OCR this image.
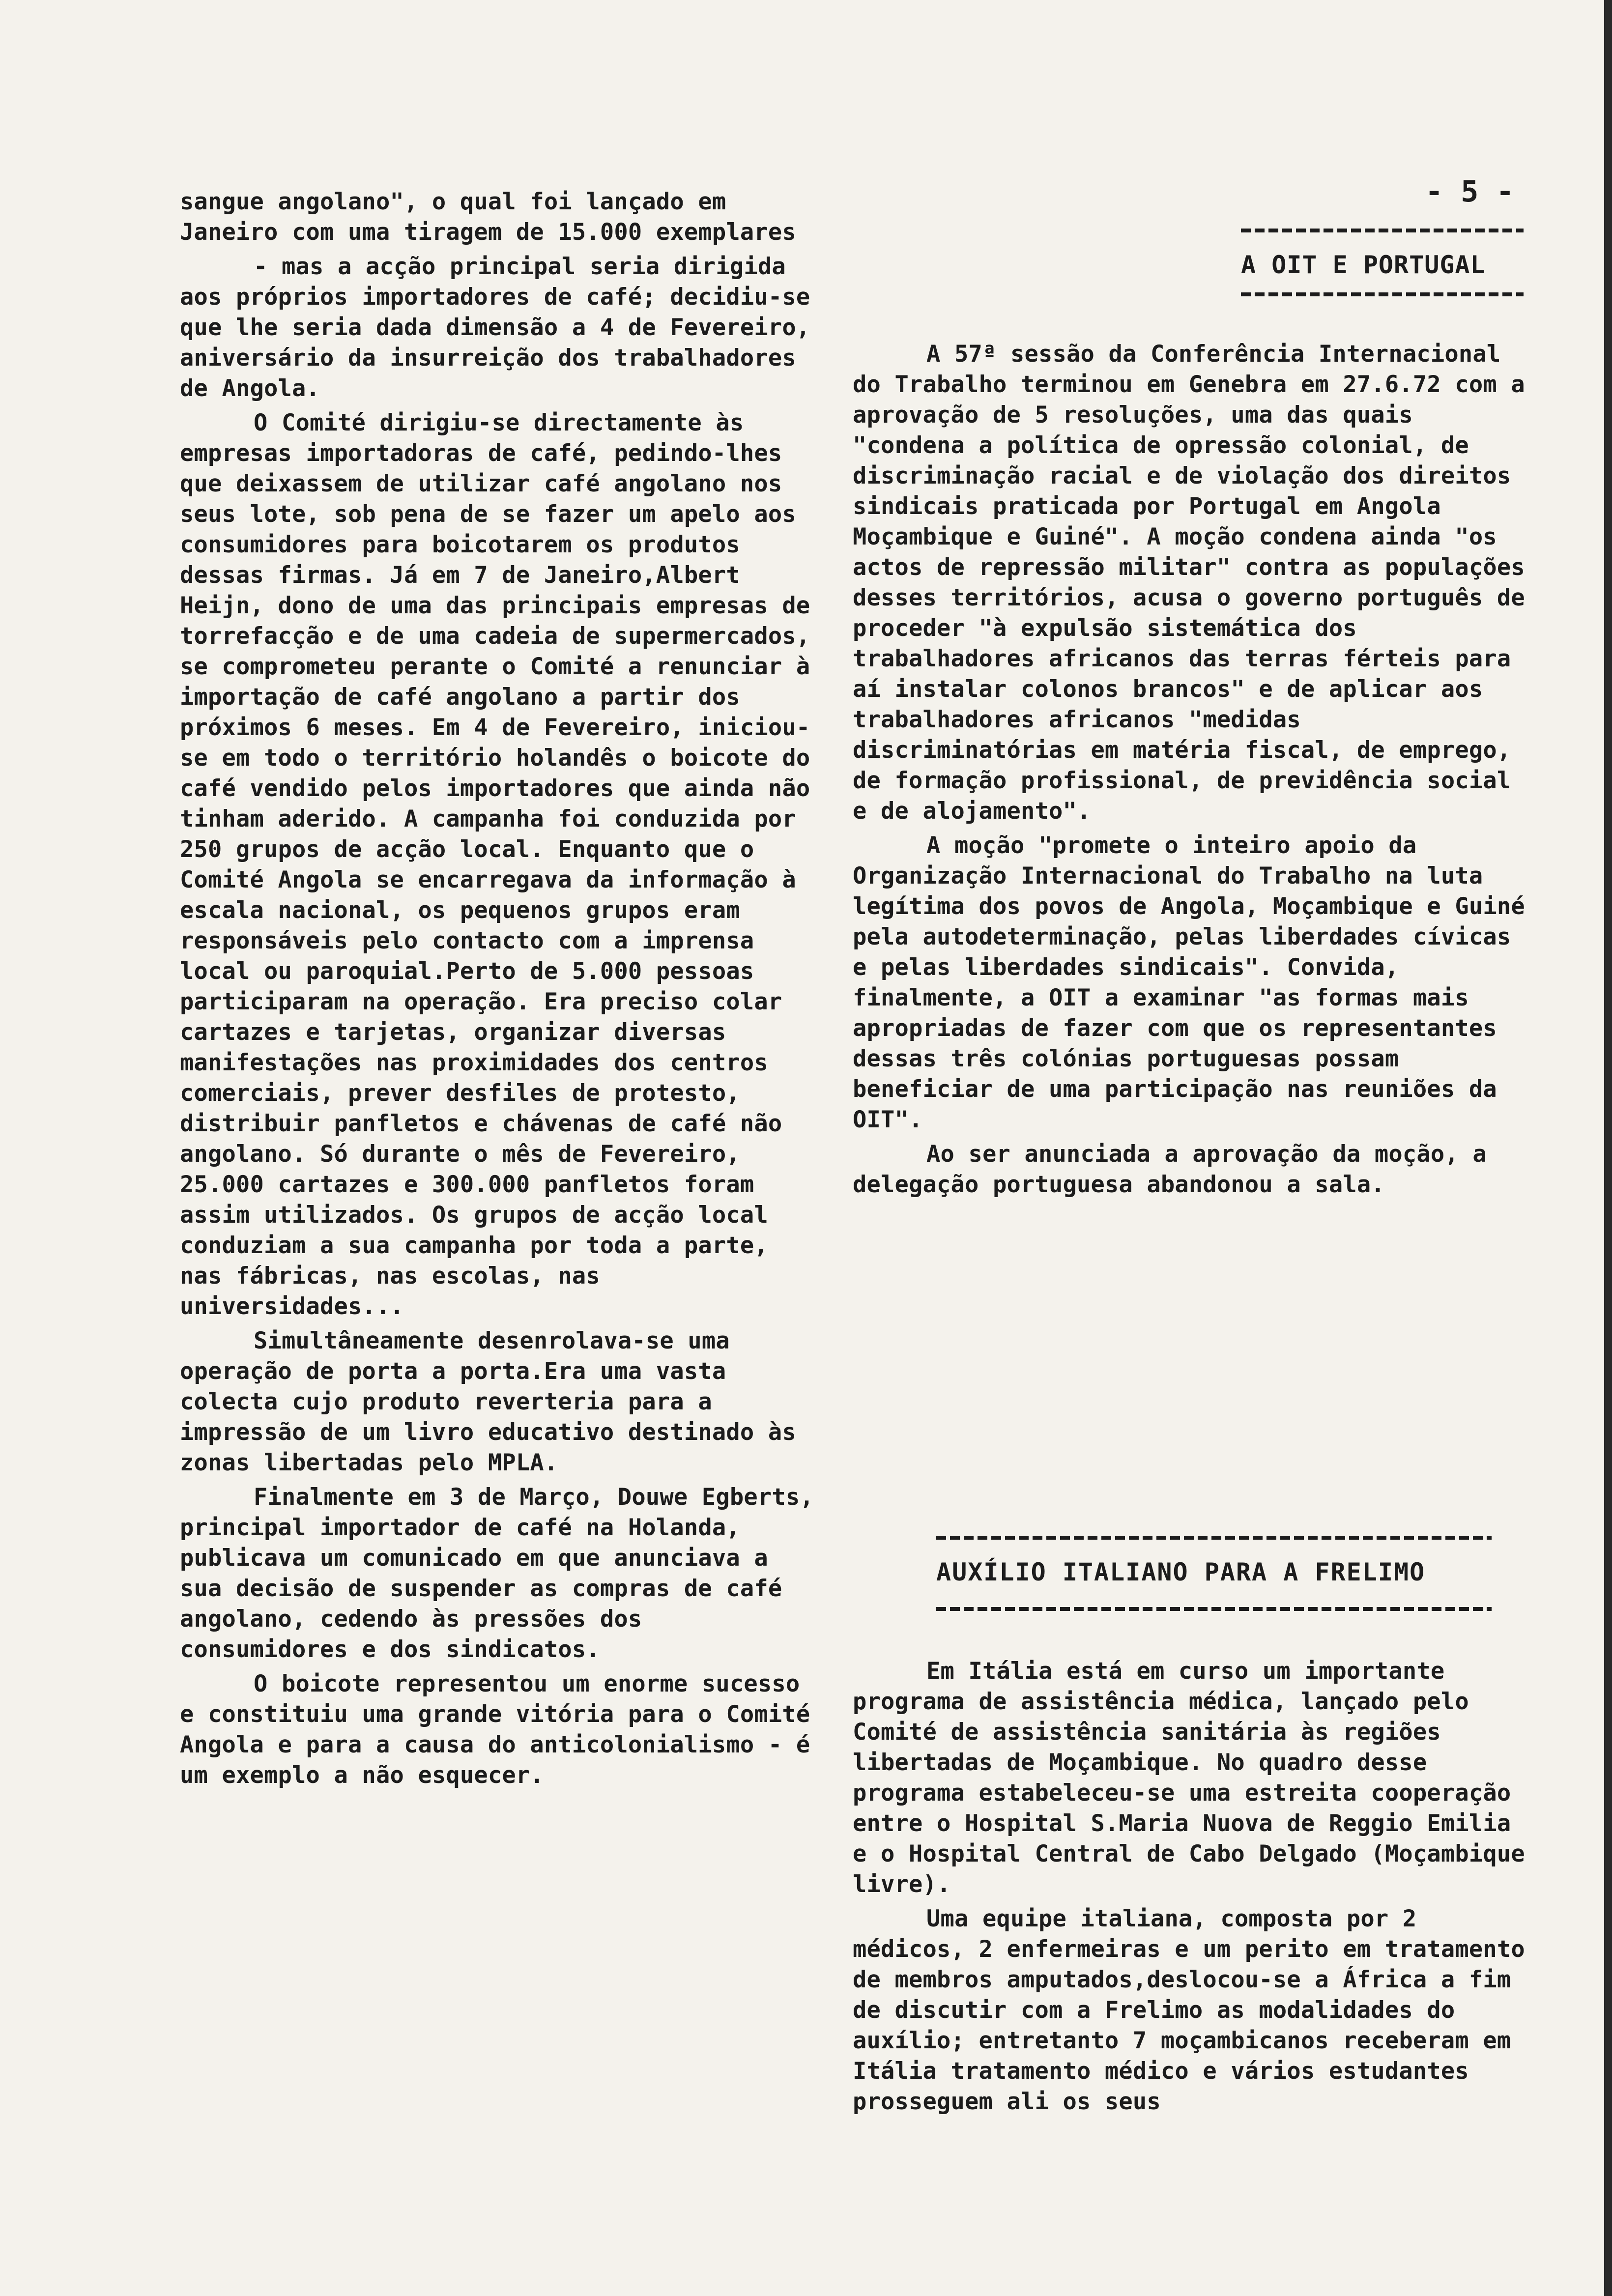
sangue angolano", o qual foi lançado em Janeiro com uma tiragem de 15.000 exemplares

- mas a acção principal seria dirigida aos próprios importadores de café; decidiu-se que lhe seria dada dimensão a 4 de Fevereiro, aniversário da insurreição dos trabalhadores de Angola.

O Comité dirigiu-se directamente às empresas importadoras de café, pedindo-lhes que deixassem de utilizar café angolano nos seus lote, sob pena de se fazer um apelo aos consumidores para boicotarem os produtos dessas firmas. Já em 7 de Janeiro,Albert Heijn, dono de uma das principais empresas de torrefacção e de uma cadeia de supermercados, se comprometeu perante o Comité a renunciar à importação de café angolano a partir dos próximos 6 meses. Em 4 de Fevereiro, iniciou-se em todo o território holandês o boicote do café vendido pelos importadores que ainda não tinham aderido. A campanha foi conduzida por 250 grupos de acção local. Enquanto que o Comité Angola se encarregava da informação à escala nacional, os pequenos grupos eram responsáveis pelo contacto com a imprensa local ou paroquial.Perto de 5.000 pessoas participaram na operação. Era preciso colar cartazes e tarjetas, organizar diversas manifestações nas proximidades dos centros comerciais, prever desfiles de protesto, distribuir panfletos e chávenas de café não angolano. Só durante o mês de Fevereiro, 25.000 cartazes e 300.000 panfletos foram assim utilizados. Os grupos de acção local conduziam a sua campanha por toda a parte, nas fábricas, nas escolas, nas universidades...

Simultâneamente desenrolava-se uma operação de porta a porta.Era uma vasta colecta cujo produto reverteria para a impressão de um livro educativo destinado às zonas libertadas pelo MPLA.

Finalmente em 3 de Março, Douwe Egberts, principal importador de café na Holanda, publicava um comunicado em que anunciava a sua decisão de suspender as compras de café angolano, cedendo às pressões dos consumidores e dos sindicatos.

O boicote representou um enorme sucesso e constituiu uma grande vitória para o Comité Angola e para a causa do anticolonialismo - é um exemplo a não esquecer.

- 5 -
A OIT E PORTUGAL

A 57ª sessão da Conferência Internacional do Trabalho terminou em Genebra em 27.6.72 com a aprovação de 5 resoluções, uma das quais "condena a política de opressão colonial, de discriminação racial e de violação dos direitos sindicais praticada por Portugal em Angola Moçambique e Guiné". A moção condena ainda "os actos de repressão militar" contra as populações desses territórios, acusa o governo português de proceder "à expulsão sistemática dos trabalhadores africanos das terras férteis para aí instalar colonos brancos" e de aplicar aos trabalhadores africanos "medidas discriminatórias em matéria fiscal, de emprego, de formação profissional, de previdência social e de alojamento".

A moção "promete o inteiro apoio da Organização Internacional do Trabalho na luta legítima dos povos de Angola, Moçambique e Guiné pela autodeterminação, pelas liberdades cívicas e pelas liberdades sindicais". Convida, finalmente, a OIT a examinar "as formas mais apropriadas de fazer com que os representantes dessas três colónias portuguesas possam beneficiar de uma participação nas reuniões da OIT".

Ao ser anunciada a aprovação da moção, a delegação portuguesa abandonou a sala.

AUXÍLIO ITALIANO PARA A FRELIMO

Em Itália está em curso um importante programa de assistência médica, lançado pelo Comité de assistência sanitária às regiões libertadas de Moçambique. No quadro desse programa estabeleceu-se uma estreita cooperação entre o Hospital S.Maria Nuova de Reggio Emilia e o Hospital Central de Cabo Delgado (Moçambique livre).

Uma equipe italiana, composta por 2 médicos, 2 enfermeiras e um perito em tratamento de membros amputados,deslocou-se a África a fim de discutir com a Frelimo as modalidades do auxílio; entretanto 7 moçambicanos receberam em Itália tratamento médico e vários estudantes prosseguem ali os seus
